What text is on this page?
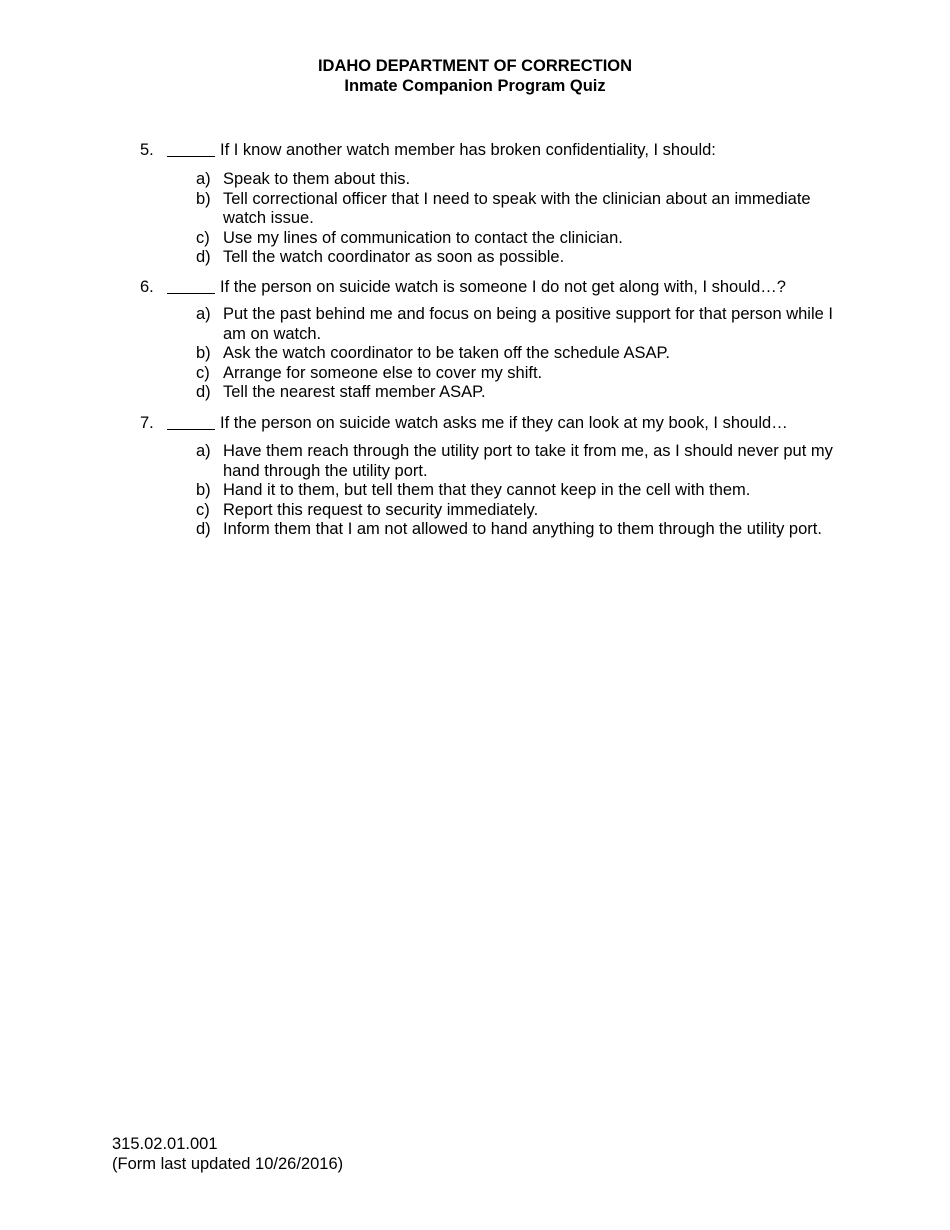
IDAHO DEPARTMENT OF CORRECTION
Inmate Companion Program Quiz
5.	If I know another watch member has broken confidentiality, I should:
a) Speak to them about this.
b) Tell correctional officer that I need to speak with the clinician about an immediate watch issue.
c) Use my lines of communication to contact the clinician.
d) Tell the watch coordinator as soon as possible.
6.	If the person on suicide watch is someone I do not get along with, I should…?
a) Put the past behind me and focus on being a positive support for that person while I am on watch.
b) Ask the watch coordinator to be taken off the schedule ASAP.
c) Arrange for someone else to cover my shift.
d) Tell the nearest staff member ASAP.
7.	If the person on suicide watch asks me if they can look at my book, I should…
a) Have them reach through the utility port to take it from me, as I should never put my hand through the utility port.
b) Hand it to them, but tell them that they cannot keep in the cell with them.
c) Report this request to security immediately.
d) Inform them that I am not allowed to hand anything to them through the utility port.
315.02.01.001
(Form last updated 10/26/2016)
